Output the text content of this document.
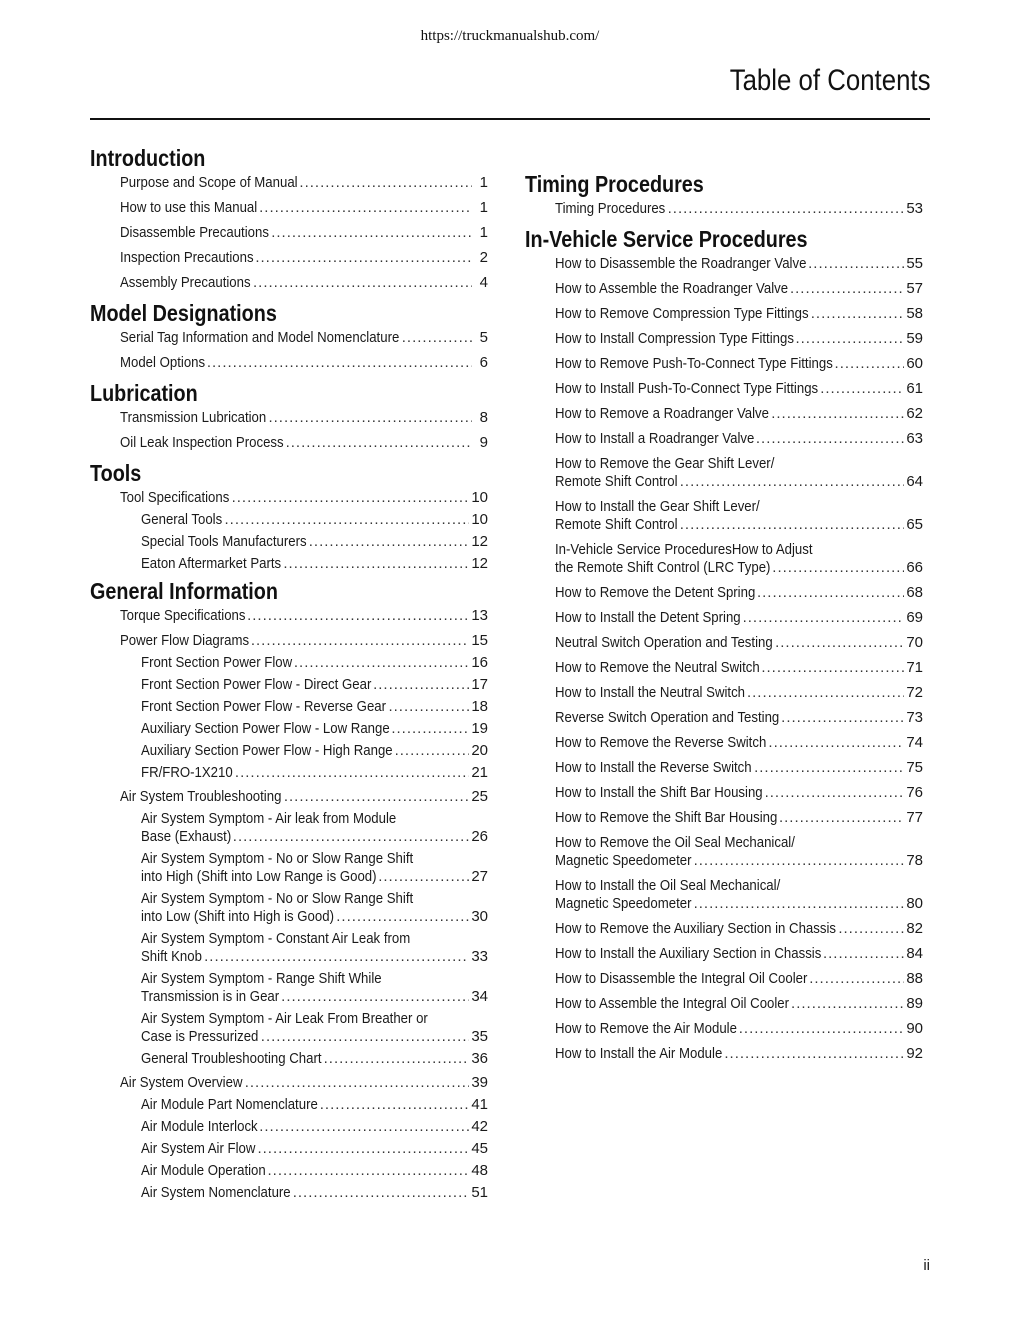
https://truckmanualshub.com/
Table of Contents
Introduction
Purpose and Scope of Manual .....	1
How to use this Manual .....	1
Disassemble Precautions .....	1
Inspection Precautions .....	2
Assembly Precautions .....	4
Model Designations
Serial Tag Information and Model Nomenclature .....	5
Model Options .....	6
Lubrication
Transmission Lubrication .....	8
Oil Leak Inspection Process .....	9
Tools
Tool Specifications .....	10
General Tools .....	10
Special Tools Manufacturers .....	12
Eaton Aftermarket Parts .....	12
General Information
Torque Specifications .....	13
Power Flow Diagrams .....	15
Front Section Power Flow .....	16
Front Section Power Flow - Direct Gear .....	17
Front Section Power Flow - Reverse Gear .....	18
Auxiliary Section Power Flow - Low Range .....	19
Auxiliary Section Power Flow - High Range .....	20
FR/FRO-1X210 .....	21
Air System Troubleshooting .....	25
Air System Symptom - Air leak from Module
Base (Exhaust) .....	26
Air System Symptom - No or Slow Range Shift
into High (Shift into Low Range is Good) .....	27
Air System Symptom - No or Slow Range Shift
into Low (Shift into High is Good) .....	30
Air System Symptom - Constant Air Leak from
Shift Knob .....	33
Air System Symptom - Range Shift While
Transmission is in Gear .....	34
Air System Symptom - Air Leak From Breather or
Case is Pressurized .....	35
General Troubleshooting Chart .....	36
Air System Overview .....	39
Air Module Part Nomenclature .....	41
Air Module Interlock .....	42
Air System Air Flow .....	45
Air Module Operation .....	48
Air System Nomenclature .....	51
Timing Procedures
Timing Procedures .....	53
In-Vehicle Service Procedures
How to Disassemble the Roadranger Valve .....	55
How to Assemble the Roadranger Valve .....	57
How to Remove Compression Type Fittings .....	58
How to Install Compression Type Fittings .....	59
How to Remove Push-To-Connect Type Fittings .....	60
How to Install Push-To-Connect Type Fittings .....	61
How to Remove a Roadranger Valve .....	62
How to Install a Roadranger Valve .....	63
How to Remove the Gear Shift Lever/
Remote Shift Control .....	64
How to Install the Gear Shift Lever/
Remote Shift Control .....	65
In-Vehicle Service ProceduresHow to Adjust
the Remote Shift Control (LRC Type) .....	66
How to Remove the Detent Spring .....	68
How to Install the Detent Spring .....	69
Neutral Switch Operation and Testing .....	70
How to Remove the Neutral Switch .....	71
How to Install the Neutral Switch .....	72
Reverse Switch Operation and Testing .....	73
How to Remove the Reverse Switch .....	74
How to Install the Reverse Switch .....	75
How to Install the Shift Bar Housing .....	76
How to Remove the Shift Bar Housing .....	77
How to Remove the Oil Seal Mechanical/
Magnetic Speedometer .....	78
How to Install the Oil Seal Mechanical/
Magnetic Speedometer .....	80
How to Remove the Auxiliary Section in Chassis .....	82
How to Install the Auxiliary Section in Chassis .....	84
How to Disassemble the Integral Oil Cooler .....	88
How to Assemble the Integral Oil Cooler .....	89
How to Remove the Air Module .....	90
How to Install the Air Module .....	92
ii
